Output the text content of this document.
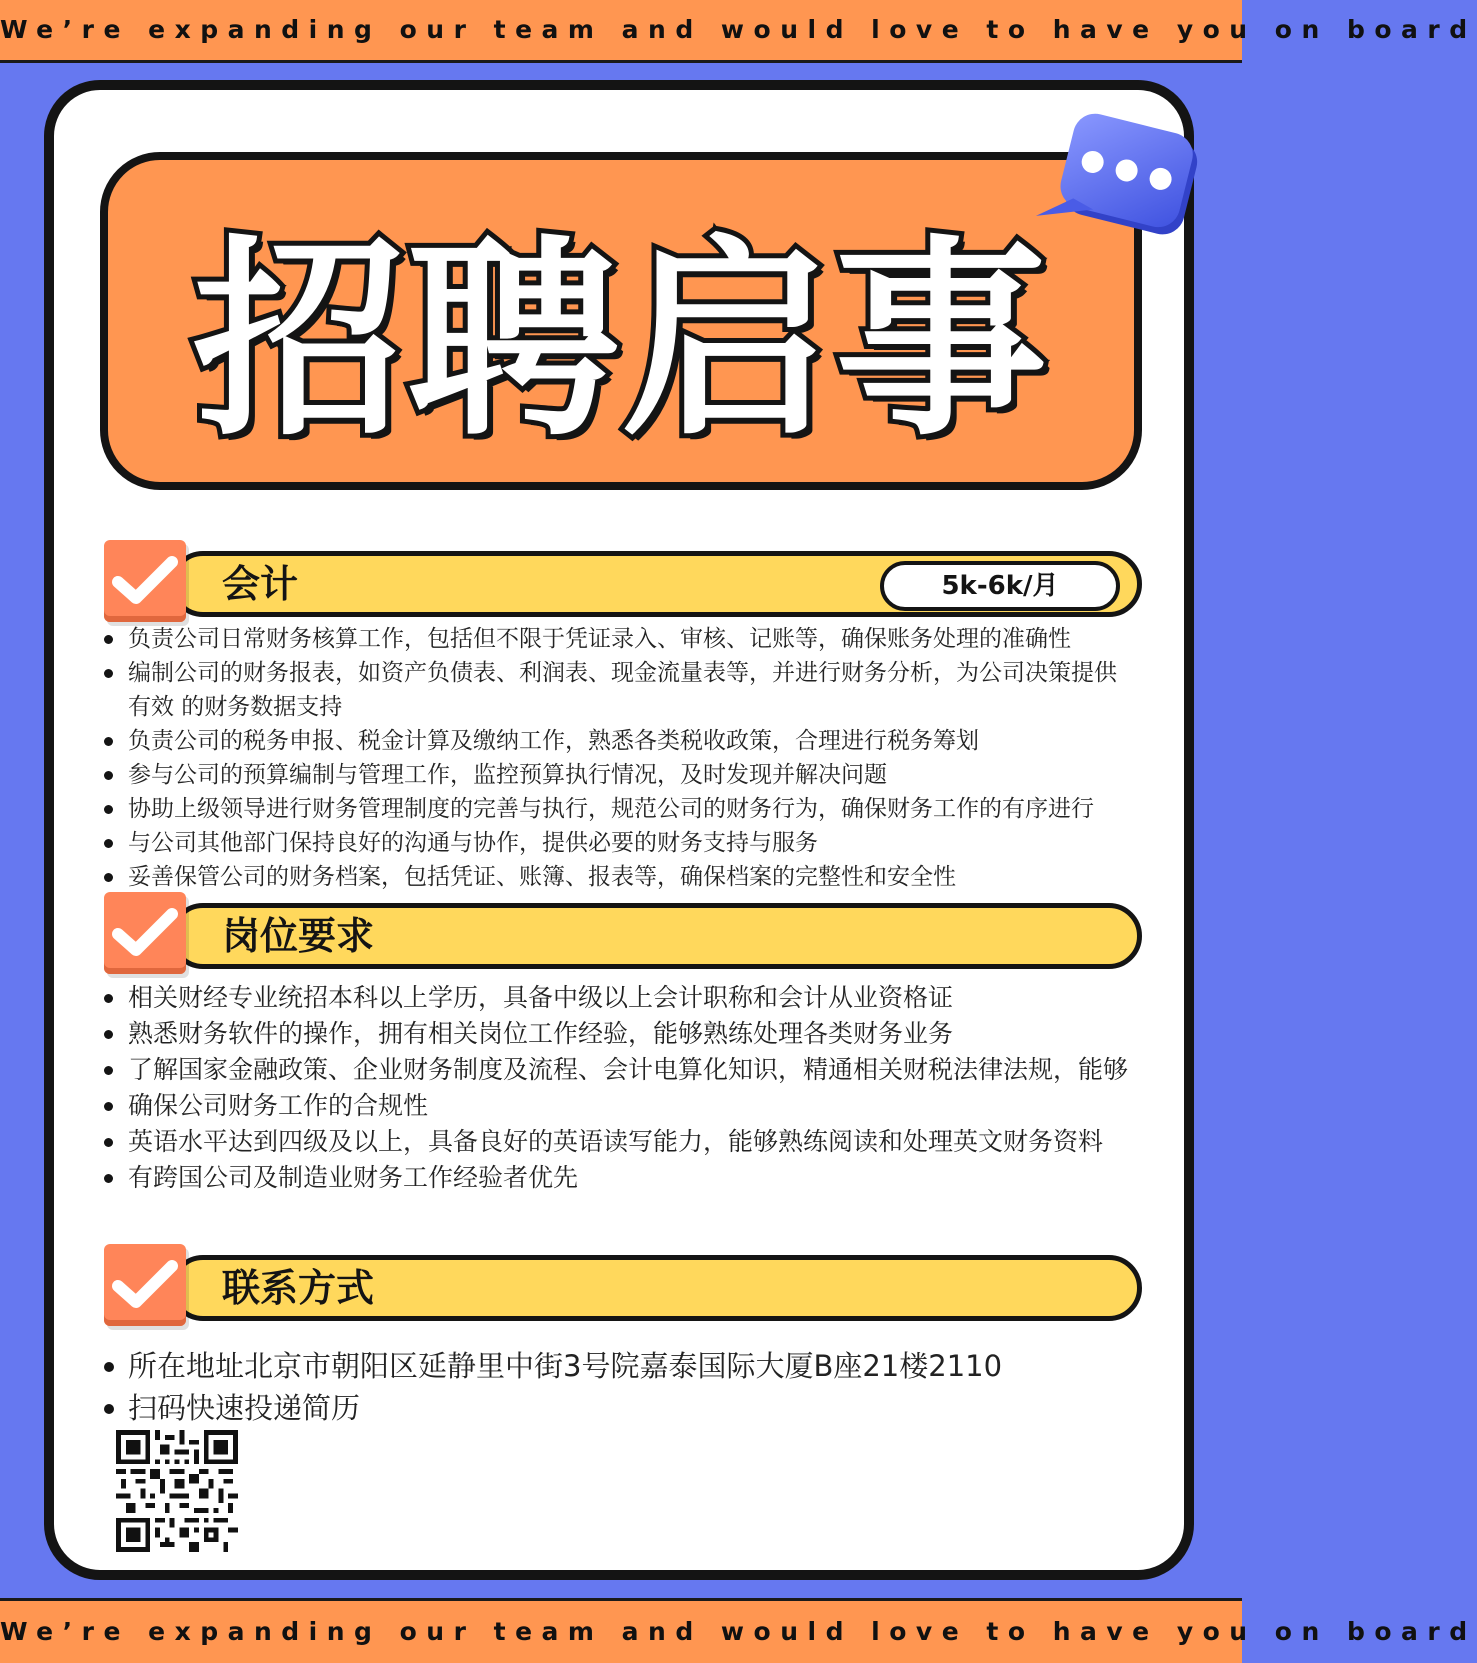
We’re expanding our team and would love to have you on board
招聘启事
会计	5k-6k/月
负责公司日常财务核算工作，包括但不限于凭证录入、审核、记账等，确保账务处理的准确性
编制公司的财务报表，如资产负债表、利润表、现金流量表等，并进行财务分析，为公司决策提供有效 的财务数据支持
负责公司的税务申报、税金计算及缴纳工作，熟悉各类税收政策，合理进行税务筹划
参与公司的预算编制与管理工作，监控预算执行情况，及时发现并解决问题
协助上级领导进行财务管理制度的完善与执行，规范公司的财务行为，确保财务工作的有序进行
与公司其他部门保持良好的沟通与协作，提供必要的财务支持与服务
妥善保管公司的财务档案，包括凭证、账簿、报表等，确保档案的完整性和安全性
岗位要求
相关财经专业统招本科以上学历，具备中级以上会计职称和会计从业资格证
熟悉财务软件的操作，拥有相关岗位工作经验，能够熟练处理各类财务业务
了解国家金融政策、企业财务制度及流程、会计电算化知识，精通相关财税法律法规，能够
确保公司财务工作的合规性
英语水平达到四级及以上，具备良好的英语读写能力，能够熟练阅读和处理英文财务资料
有跨国公司及制造业财务工作经验者优先
联系方式
所在地址北京市朝阳区延静里中街3号院嘉泰国际大厦B座21楼2110
扫码快速投递简历
We’re expanding our team and would love to have you on board
